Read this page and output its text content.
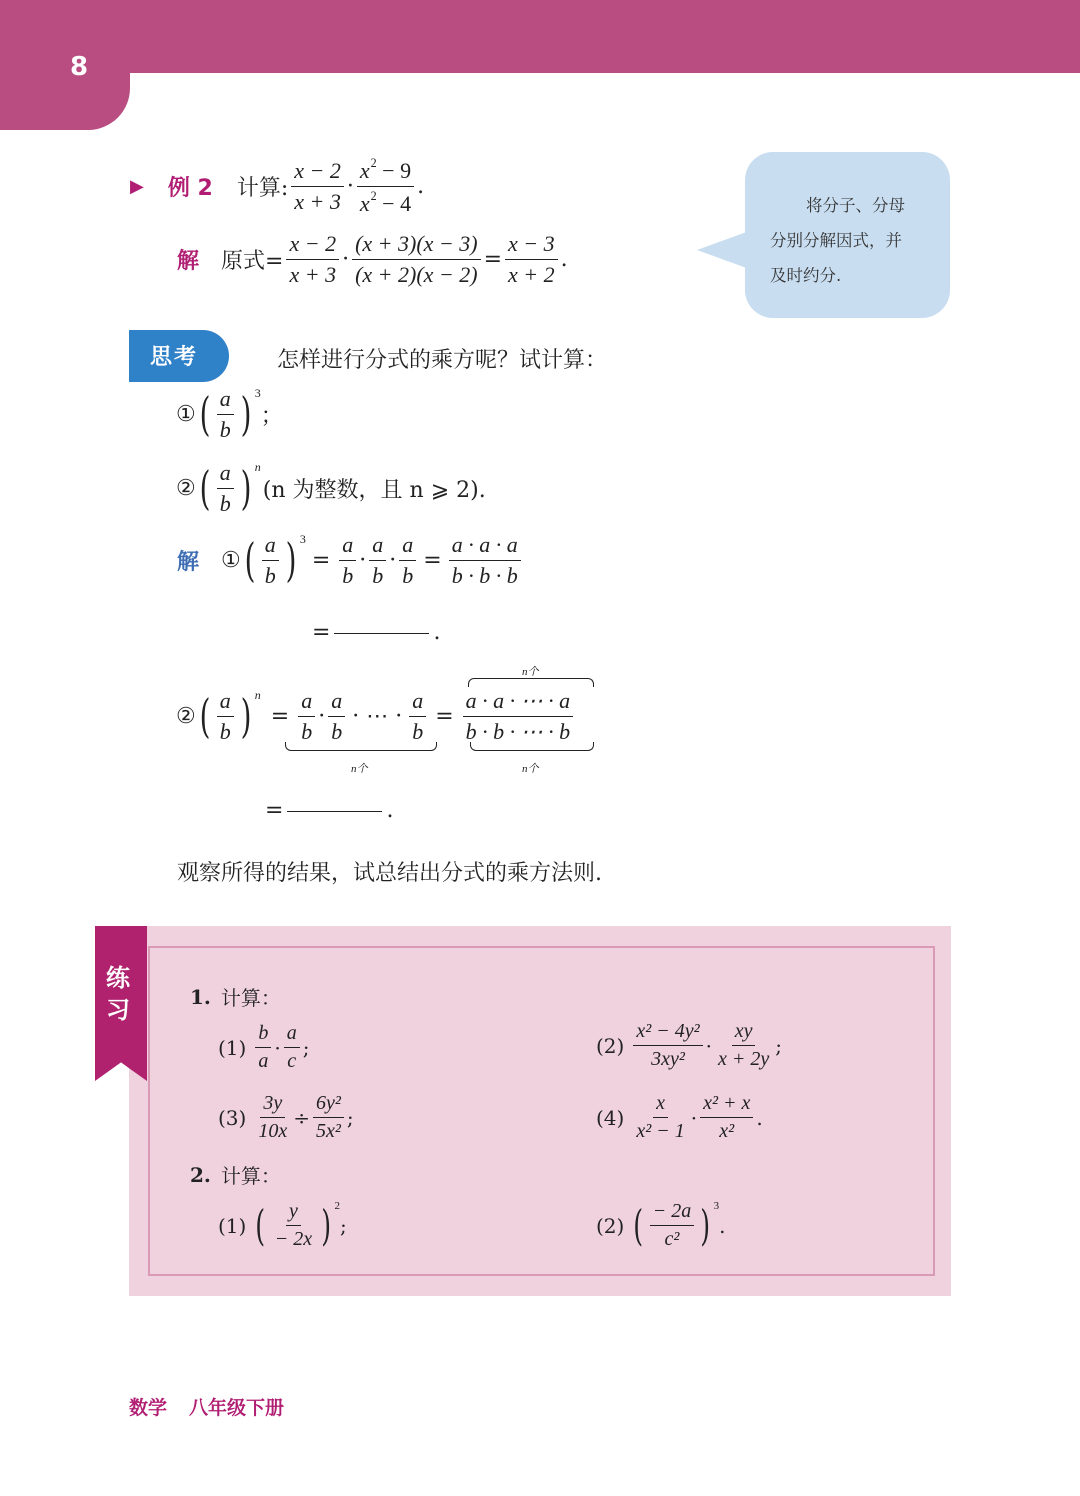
8
▶ 例 2 计算: $\frac{x - 2}{x + 3} \cdot \frac{x^2 - 9}{x^2 - 4}$ .
解 原式= $\frac{x - 2}{x + 3} \cdot \frac{(x + 3)(x - 3)}{(x + 2)(x - 2)} = \frac{x - 3}{x + 2}$ .
将分子、分母
分别分解因式，并
及时约分.
思考	怎样进行分式的乘方呢？试计算：
① ( $\frac{a}{b}$ ) 3
；
② ( $\frac{a}{b}$ ) n
(n 为整数，且 n ⩾ 2).
解 ① ( $\frac{a}{b}$ ) 3
= $\frac{a}{b} \cdot \frac{a}{b} \cdot \frac{a}{b} = \frac{a \cdot a \cdot a}{b \cdot b \cdot b}$
=	.
n个
② ( $\frac{a}{b}$ ) n
= $\frac{a}{b} \cdot \frac{a}{b}$ · ⋯ · $\frac{a}{b} = \frac{a \cdot a \cdot \cdots \cdot a}{b \cdot b \cdot \cdots \cdot b}$
n个	n个
=	.
观察所得的结果，试总结出分式的乘方法则.
练
习	1. 计算：
$(1) \frac{b}{a} \cdot \frac{a}{c}$ ;	$(2) \frac{\text{x² − 4y²}}{\text{3xy²}} \cdot \frac{xy}{x + 2y}$ ;
$(3) \frac{3y}{10x} \div \frac{\text{6y²}}{\text{5x²}}$ ;	$(4) \frac{x}{\text{x² − 1}} \cdot \frac{\text{x² + x}}{\text{x²}}$ .
2. 计算：
(1) ( $\frac{y}{- 2x}$ ) 2
;	(2) ( $\frac{- 2a}{\text{c²}}$ ) 3
.
数学 八年级下册
